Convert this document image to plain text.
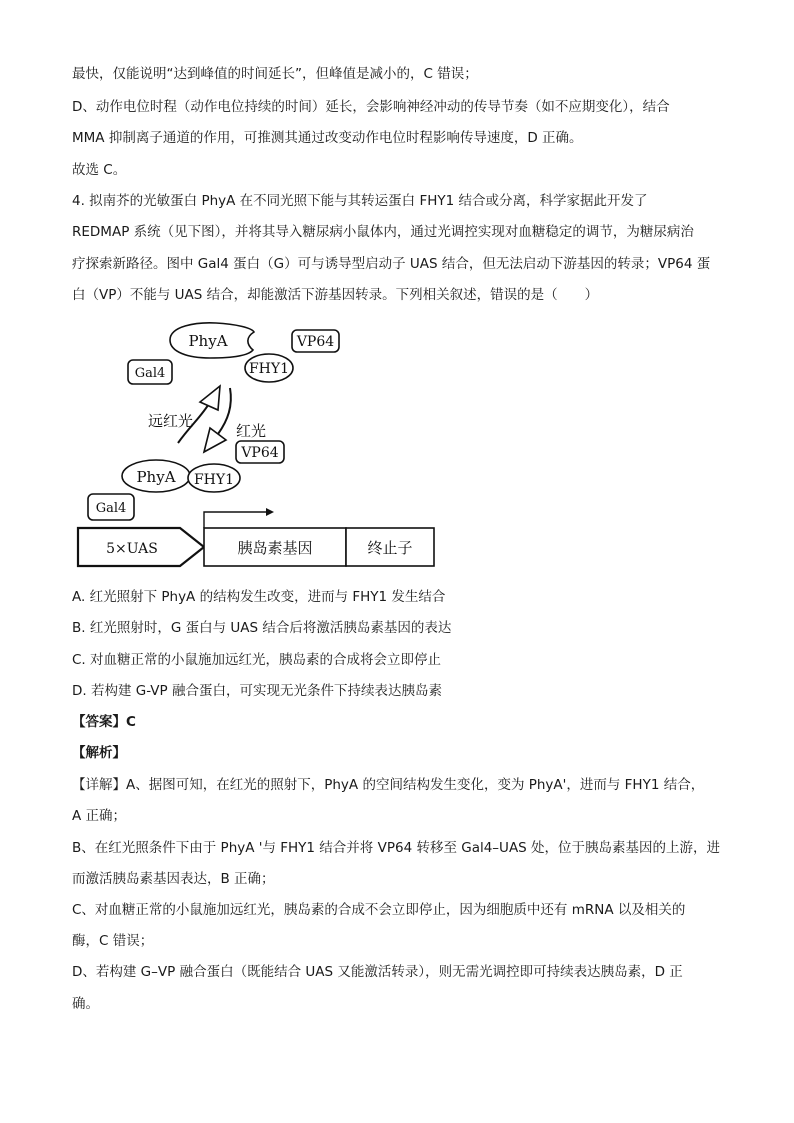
最快，仅能说明“达到峰值的时间延长”，但峰值是减小的，C 错误；
D、动作电位时程（动作电位持续的时间）延长，会影响神经冲动的传导节奏（如不应期变化），结合
MMA 抑制离子通道的作用，可推测其通过改变动作电位时程影响传导速度，D 正确。
故选 C。
4. 拟南芥的光敏蛋白 PhyA 在不同光照下能与其转运蛋白 FHY1 结合或分离，科学家据此开发了
REDMAP 系统（见下图），并将其导入糖尿病小鼠体内，通过光调控实现对血糖稳定的调节，为糖尿病治
疗探索新路径。图中 Gal4 蛋白（G）可与诱导型启动子 UAS 结合，但无法启动下游基因的转录；VP64 蛋
白（VP）不能与 UAS 结合，却能激活下游基因转录。下列相关叙述，错误的是（　　）
PhyA
Gal4	FHY1
VP64
远红光
红光
PhyA FHY1
VP64
Gal4
5×UAS	胰岛素基因	终止子
A. 红光照射下 PhyA 的结构发生改变，进而与 FHY1 发生结合
B. 红光照射时，G 蛋白与 UAS 结合后将激活胰岛素基因的表达
C. 对血糖正常的小鼠施加远红光，胰岛素的合成将会立即停止
D. 若构建 G-VP 融合蛋白，可实现无光条件下持续表达胰岛素
【答案】C
【解析】
【详解】A、据图可知，在红光的照射下，PhyA 的空间结构发生变化，变为 PhyA'，进而与 FHY1 结合，
A 正确；
B、在红光照条件下由于 PhyA '与 FHY1 结合并将 VP64 转移至 Gal4–UAS 处，位于胰岛素基因的上游，进
而激活胰岛素基因表达，B 正确；
C、对血糖正常的小鼠施加远红光，胰岛素的合成不会立即停止，因为细胞质中还有 mRNA 以及相关的
酶，C 错误；
D、若构建 G–VP 融合蛋白（既能结合 UAS 又能激活转录），则无需光调控即可持续表达胰岛素，D 正
确。
